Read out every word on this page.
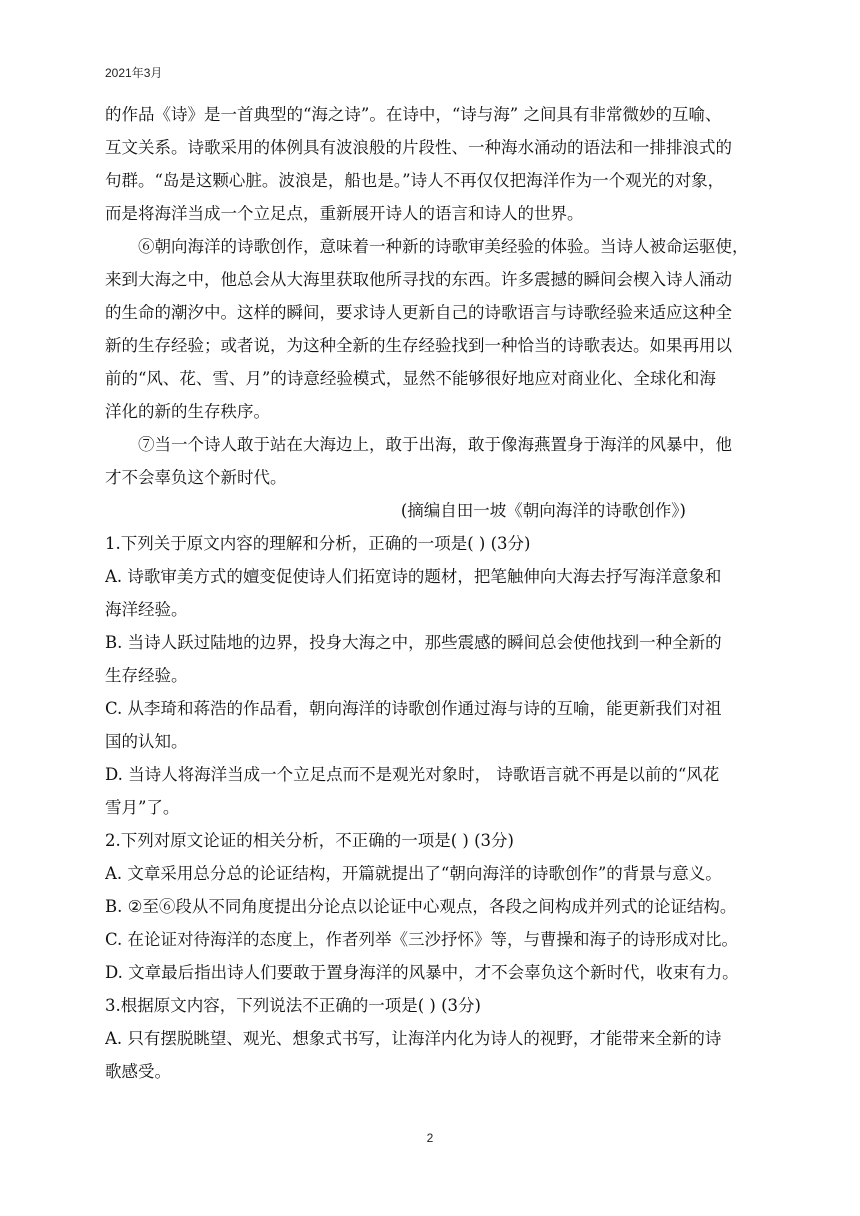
2021年3月
的作品《诗》是一首典型的“海之诗”。在诗中，“诗与海” 之间具有非常微妙的互喻、
互文关系。诗歌采用的体例具有波浪般的片段性、一种海水涌动的语法和一排排浪式的
句群。“岛是这颗心脏。波浪是，船也是。”诗人不再仅仅把海洋作为一个观光的对象，
而是将海洋当成一个立足点，重新展开诗人的语言和诗人的世界。
⑥朝向海洋的诗歌创作，意味着一种新的诗歌审美经验的体验。当诗人被命运驱使，
来到大海之中，他总会从大海里获取他所寻找的东西。许多震撼的瞬间会楔入诗人涌动
的生命的潮汐中。这样的瞬间，要求诗人更新自己的诗歌语言与诗歌经验来适应这种全
新的生存经验；或者说，为这种全新的生存经验找到一种恰当的诗歌表达。如果再用以
前的“风、花、雪、月”的诗意经验模式，显然不能够很好地应对商业化、全球化和海
洋化的新的生存秩序。
⑦当一个诗人敢于站在大海边上，敢于出海，敢于像海燕置身于海洋的风暴中，他
才不会辜负这个新时代。
(摘编自田一坡《朝向海洋的诗歌创作》)
1.下列关于原文内容的理解和分析，正确的一项是( ) (3分)
A. 诗歌审美方式的嬗变促使诗人们拓宽诗的题材，把笔触伸向大海去抒写海洋意象和
海洋经验。
B. 当诗人跃过陆地的边界，投身大海之中，那些震感的瞬间总会使他找到一种全新的
生存经验。
C. 从李琦和蒋浩的作品看，朝向海洋的诗歌创作通过海与诗的互喻，能更新我们对祖
国的认知。
D. 当诗人将海洋当成一个立足点而不是观光对象时， 诗歌语言就不再是以前的“风花
雪月”了。
2.下列对原文论证的相关分析，不正确的一项是( ) (3分)
A. 文章采用总分总的论证结构，开篇就提出了“朝向海洋的诗歌创作”的背景与意义。
B. ②至⑥段从不同角度提出分论点以论证中心观点，各段之间构成并列式的论证结构。
C. 在论证对待海洋的态度上，作者列举《三沙抒怀》等，与曹操和海子的诗形成对比。
D. 文章最后指出诗人们要敢于置身海洋的风暴中，才不会辜负这个新时代，收束有力。
3.根据原文内容，下列说法不正确的一项是( ) (3分)
A. 只有摆脱眺望、观光、想象式书写，让海洋内化为诗人的视野，才能带来全新的诗
歌感受。
2
